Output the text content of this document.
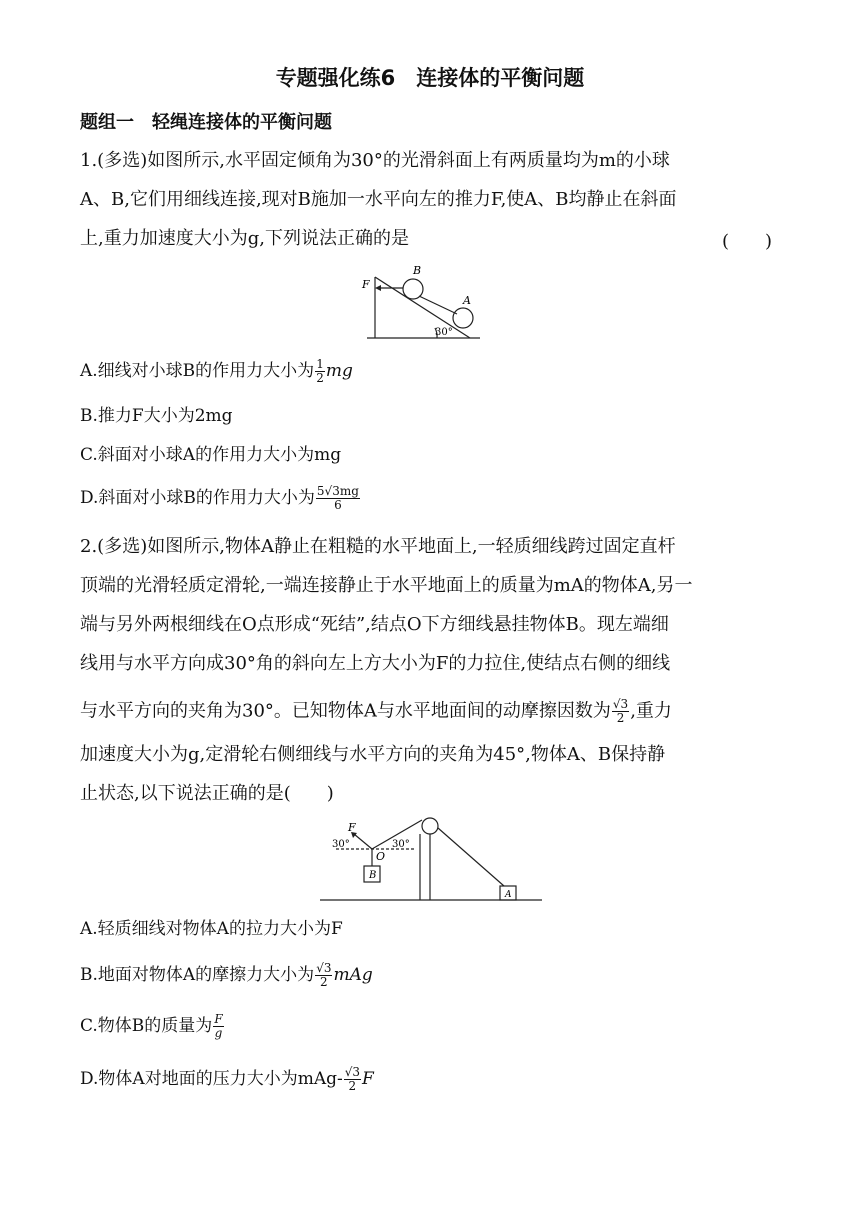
专题强化练6　连接体的平衡问题
题组一　轻绳连接体的平衡问题
1.(多选)如图所示,水平固定倾角为30°的光滑斜面上有两质量均为m的小球
A、B,它们用细线连接,现对B施加一水平向左的推力F,使A、B均静止在斜面
上,重力加速度大小为g,下列说法正确的是	(　　)
F
B
A
30°
A.细线对小球B的作用力大小为 $\frac{1}{2}$ mg
B.推力F大小为2mg
C.斜面对小球A的作用力大小为mg
D.斜面对小球B的作用力大小为 $\frac{5√3mg}{6}$
2.(多选)如图所示,物体A静止在粗糙的水平地面上,一轻质细线跨过固定直杆
顶端的光滑轻质定滑轮,一端连接静止于水平地面上的质量为mA的物体A,另一
端与另外两根细线在O点形成“死结”,结点O下方细线悬挂物体B。现左端细
线用与水平方向成30°角的斜向左上方大小为F的力拉住,使结点右侧的细线
与水平方向的夹角为30°。已知物体A与水平地面间的动摩擦因数为 $\frac{√3}{2}$ ,重力
加速度大小为g,定滑轮右侧细线与水平方向的夹角为45°,物体A、B保持静
止状态,以下说法正确的是(　　)
F
30°	30°
O
B
A
A.轻质细线对物体A的拉力大小为F
B.地面对物体A的摩擦力大小为 $\frac{√3}{2}$ mAg
C.物体B的质量为 $\frac{F}{g}$
D.物体A对地面的压力大小为$mAg- \frac{√3}{2}$ F
